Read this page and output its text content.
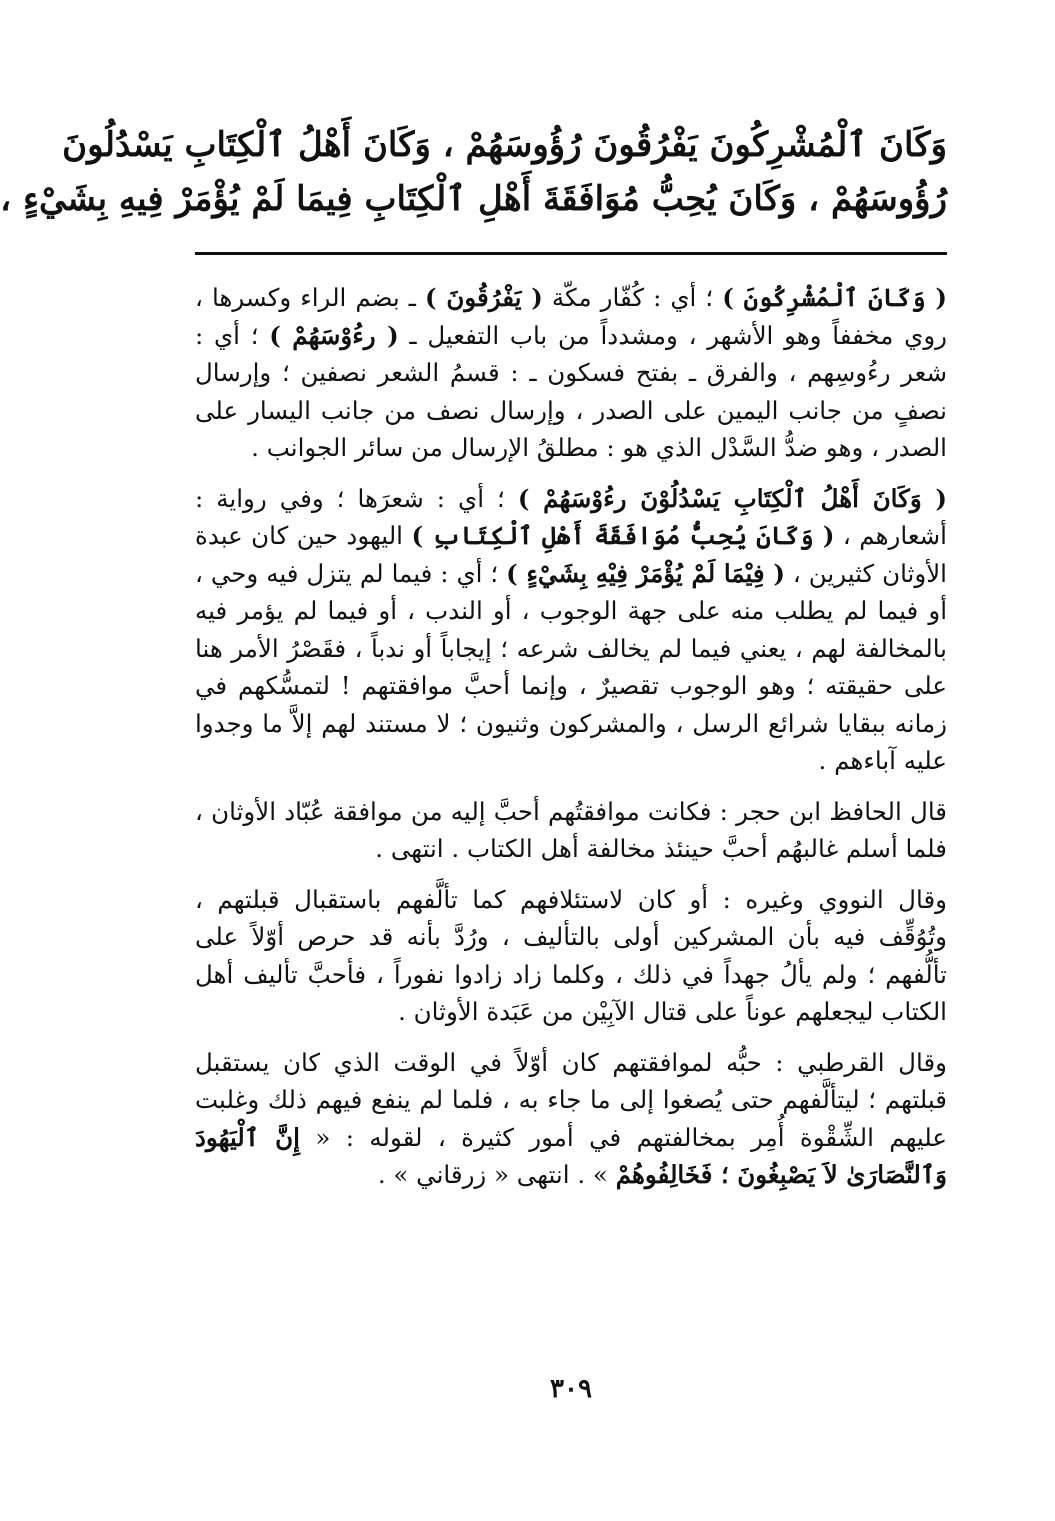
وَكَانَ ٱلْمُشْرِكُونَ يَفْرُقُونَ رُؤُوسَهُمْ ، وَكَانَ أَهْلُ ٱلْكِتَابِ يَسْدُلُونَ
رُؤُوسَهُمْ ، وَكَانَ يُحِبُّ مُوَافَقَةَ أَهْلِ ٱلْكِتَابِ فِيمَا لَمْ يُؤْمَرْ فِيهِ بِشَيْءٍ ،

( وَكَانَ ٱلْمُشْرِكُونَ ) ؛ أي : كُفّار مكّة ( يَفْرُقُونَ ) ـ بضم الراء وكسرها ، روي مخففاً وهو الأشهر ، ومشدداً من باب التفعيل ـ ( رءُوْسَهُمْ ) ؛ أي : شعر رءُوسِهم ، والفرق ـ بفتح فسكون ـ : قسمُ الشعر نصفين ؛ وإرسال نصفٍ من جانب اليمين على الصدر ، وإرسال نصف من جانب اليسار على الصدر ، وهو ضدُّ السَّدْل الذي هو : مطلقُ الإرسال من سائر الجوانب .

( وَكَانَ أَهْلُ ٱلْكِتَابِ يَسْدُلُوْنَ رءُوْسَهُمْ ) ؛ أي : شعرَها ؛ وفي رواية : أشعارهم ، ( وَكَانَ يُحِبُّ مُوَافَقَةَ أَهْلِ ٱلْكِتَابِ ) اليهود حين كان عبدة الأوثان كثيرين ، ( فِيْمَا لَمْ يُؤْمَرْ فِيْهِ بِشَيْءٍ ) ؛ أي : فيما لم يتزل فيه وحي ، أو فيما لم يطلب منه على جهة الوجوب ، أو الندب ، أو فيما لم يؤمر فيه بالمخالفة لهم ، يعني فيما لم يخالف شرعه ؛ إيجاباً أو ندباً ، فقَصْرُ الأمر هنا على حقيقته ؛ وهو الوجوب تقصيرٌ ، وإنما أحبَّ موافقتهم ! لتمسُّكهم في زمانه ببقايا شرائع الرسل ، والمشركون وثنيون ؛ لا مستند لهم إلاَّ ما وجدوا عليه آباءهم .

قال الحافظ ابن حجر : فكانت موافقتُهم أحبَّ إليه من موافقة عُبّاد الأوثان ، فلما أسلم غالبهُم أحبَّ حينئذ مخالفة أهل الكتاب . انتهى .

وقال النووي وغيره : أو كان لاستئلافهم كما تألَّفهم باستقبال قبلتهم ، وتُوُقِّف فيه بأن المشركين أولى بالتأليف ، ورُدَّ بأنه قد حرص أوّلاً على تألُّفهم ؛ ولم يألُ جهداً في ذلك ، وكلما زاد زادوا نفوراً ، فأحبَّ تأليف أهل الكتاب ليجعلهم عوناً على قتال الآبِيْن من عَبَدة الأوثان .

وقال القرطبي : حبُّه لموافقتهم كان أوّلاً في الوقت الذي كان يستقبل قبلتهم ؛ ليتألَّفهم حتى يُصغوا إلى ما جاء به ، فلما لم ينفع فيهم ذلك وغلبت عليهم الشِّقْوة أُمِر بمخالفتهم في أمور كثيرة ، لقوله : « إِنَّ ٱلْيَهُودَ وَٱلنَّصَارَىٰ لاَ يَصْبِغُونَ ؛ فَخَالِفُوهُمْ » . انتهى « زرقاني » .

٣٠٩
